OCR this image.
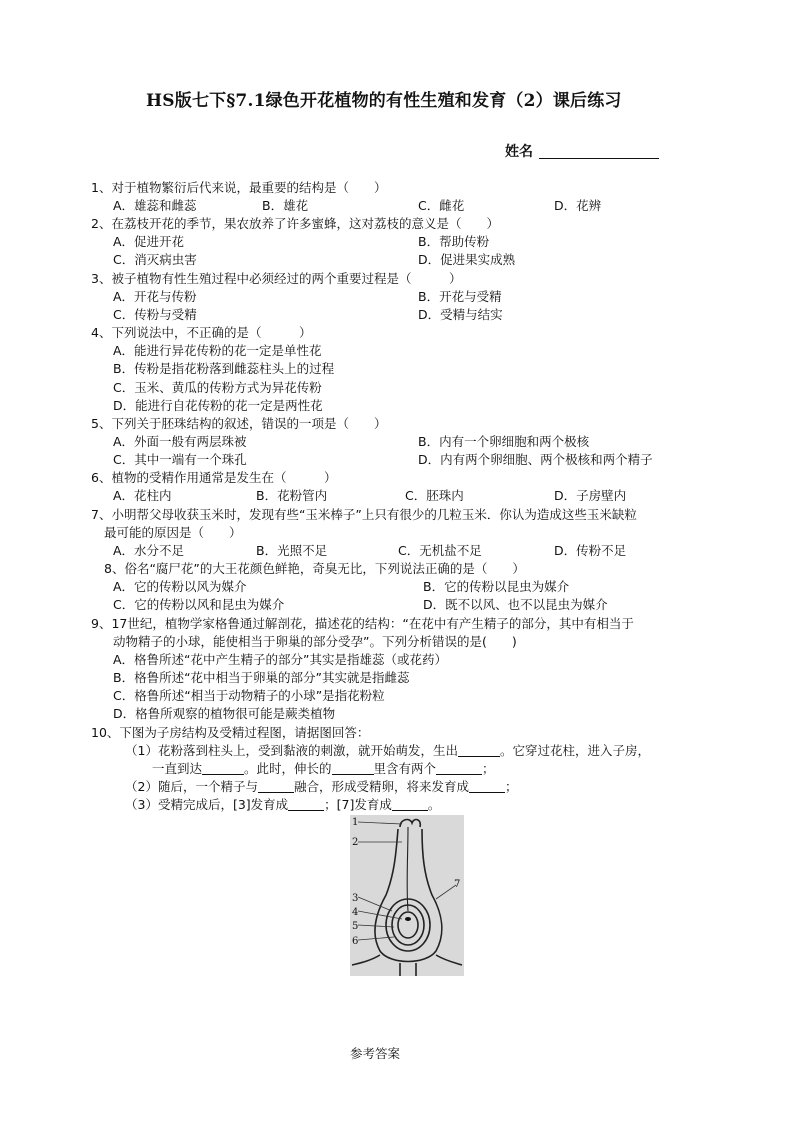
HS版七下§7.1绿色开花植物的有性生殖和发育（2）课后练习
姓名
1、对于植物繁衍后代来说，最重要的结构是（　　）
A．雄蕊和雌蕊	B．雄花	C．雌花	D．花辨
2、在荔枝开花的季节，果农放养了许多蜜蜂，这对荔枝的意义是（　　）
A．促进开花	B．帮助传粉
C．消灭病虫害	D．促进果实成熟
3、被子植物有性生殖过程中必须经过的两个重要过程是（　　　）
A．开花与传粉	B．开花与受精
C．传粉与受精	D．受精与结实
4、下列说法中，不正确的是（　　　）
A．能进行异花传粉的花一定是单性花
B．传粉是指花粉落到雌蕊柱头上的过程
C．玉米、黄瓜的传粉方式为异花传粉
D．能进行自花传粉的花一定是两性花
5、下列关于胚珠结构的叙述，错误的一项是（　　）
A．外面一般有两层珠被	B．内有一个卵细胞和两个极核
C．其中一端有一个珠孔	D．内有两个卵细胞、两个极核和两个精子
6、植物的受精作用通常是发生在（　　　）
A．花柱内	B．花粉管内	C．胚珠内	D．子房壁内
7、小明帮父母收获玉米时，发现有些“玉米棒子”上只有很少的几粒玉米．你认为造成这些玉米缺粒
最可能的原因是（　　）
A．水分不足	B．光照不足	C．无机盐不足	D．传粉不足
8、俗名“腐尸花”的大王花颜色鲜艳，奇臭无比，下列说法正确的是（　　）
A．它的传粉以风为媒介	B．它的传粉以昆虫为媒介
C．它的传粉以风和昆虫为媒介	D．既不以风、也不以昆虫为媒介
9、17世纪，植物学家格鲁通过解剖花，描述花的结构：“在花中有产生精子的部分，其中有相当于
动物精子的小球，能使相当于卵巢的部分受孕”。下列分析错误的是(　　)
A．格鲁所述“花中产生精子的部分”其实是指雄蕊（或花药）
B．格鲁所述“花中相当于卵巢的部分”其实就是指雌蕊
C．格鲁所述“相当于动物精子的小球”是指花粉粒
D．格鲁所观察的植物很可能是蕨类植物
10、下图为子房结构及受精过程图，请据图回答：
（1）花粉落到柱头上，受到黏液的刺激，就开始萌发，生出	。它穿过花柱，进入子房，
一直到达	。此时，伸长的	里含有两个	；
（2）随后，一个精子与	融合，形成受精卵，将来发育成	；
（3）受精完成后，[3]发育成	；[7]发育成	。
1
2
3
4
5
6
7
参考答案
